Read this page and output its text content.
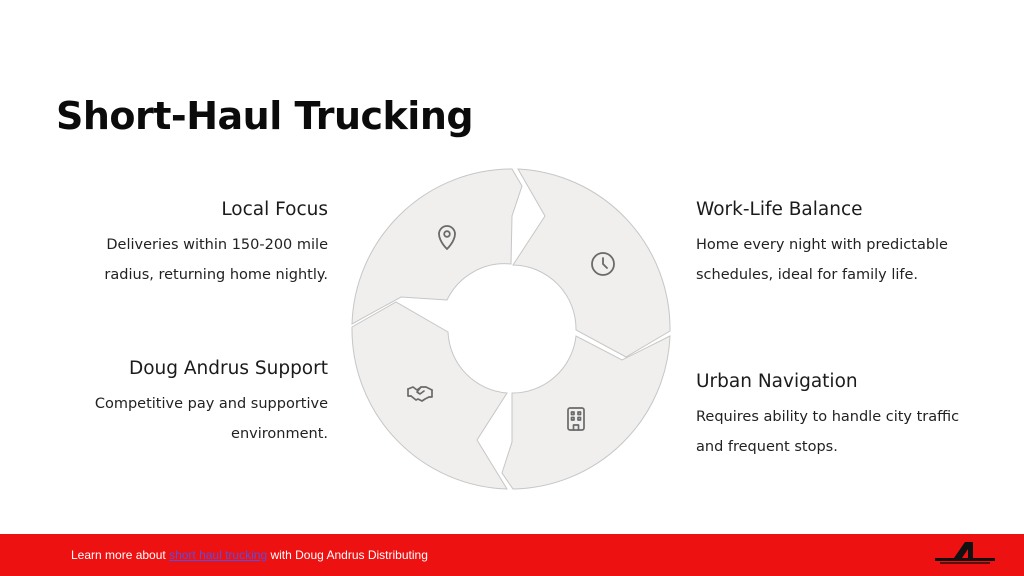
Short-Haul Trucking
Local Focus

Deliveries within 150-200 mile radius, returning home nightly.

Work-Life Balance

Home every night with predictable schedules, ideal for family life.

Doug Andrus Support

Competitive pay and supportive environment.

Urban Navigation

Requires ability to handle city traffic and frequent stops.

Learn more about short haul trucking with Doug Andrus Distributing
